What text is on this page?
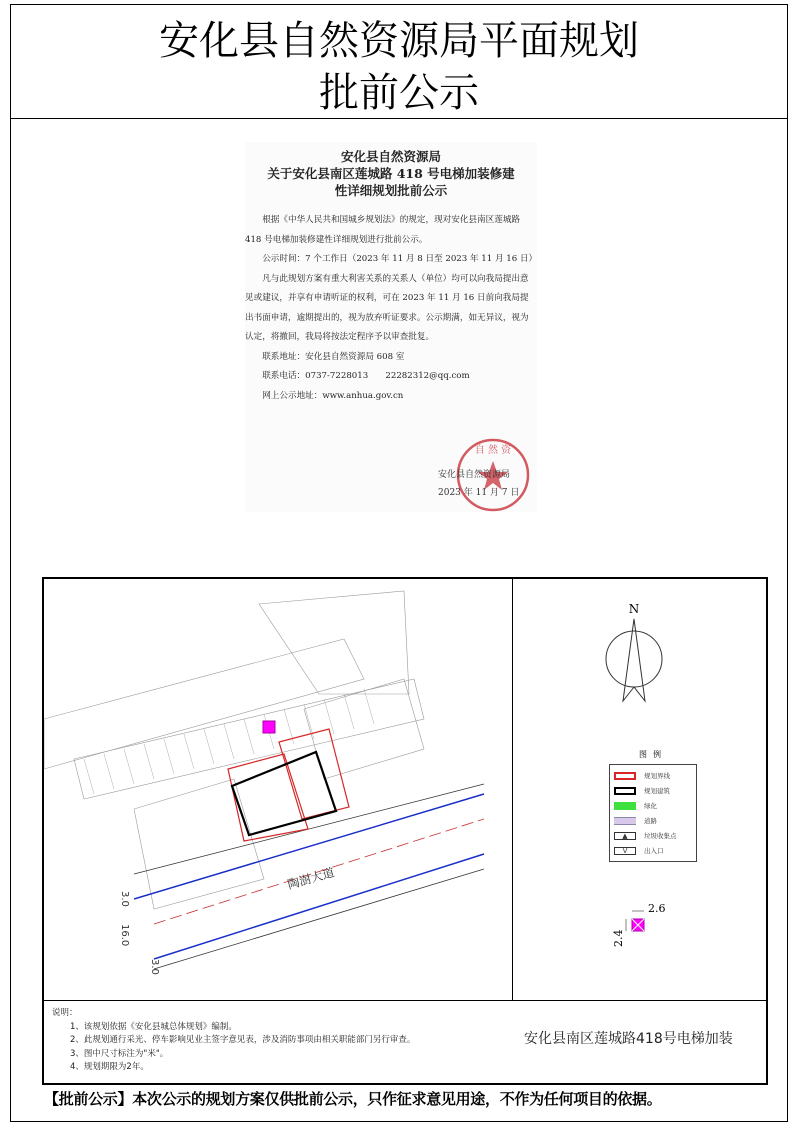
安化县自然资源局平面规划
批前公示
安化县自然资源局
关于安化县南区莲城路 418 号电梯加装修建
性详细规划批前公示

根据《中华人民共和国城乡规划法》的规定，现对安化县南区莲城路 418 号电梯加装修建性详细规划进行批前公示。

公示时间：7 个工作日（2023 年 11 月 8 日至 2023 年 11 月 16 日）

凡与此规划方案有重大利害关系的关系人（单位）均可以向我局提出意见或建议，并享有申请听证的权利，可在 2023 年 11 月 16 日前向我局提出书面申请，逾期提出的，视为放弃听证要求。公示期满，如无异议，视为认定，将撤回，我局将按法定程序予以审查批复。

联系地址：安化县自然资源局 608 室

联系电话：0737-7228013　　22282312@qq.com

网上公示地址：www.anhua.gov.cn

自 然 资
安化县自然资源局
2023 年 11 月 7 日
陶澍大道
3.0
16.0
3.0
N
图例
规划界线
规划建筑
绿化
道路
▲	垃圾收集点
V	出入口
2.6
2.4
说明：
1、该规划依据《安化县城总体规划》编制。
2、此规划通行采光、停车影响见业主签字意见表，涉及消防事项由相关职能部门另行审查。
3、图中尺寸标注为"米"。
4、规划期限为2年。
安化县南区莲城路418号电梯加装
【批前公示】本次公示的规划方案仅供批前公示，只作征求意见用途，不作为任何项目的依据。
